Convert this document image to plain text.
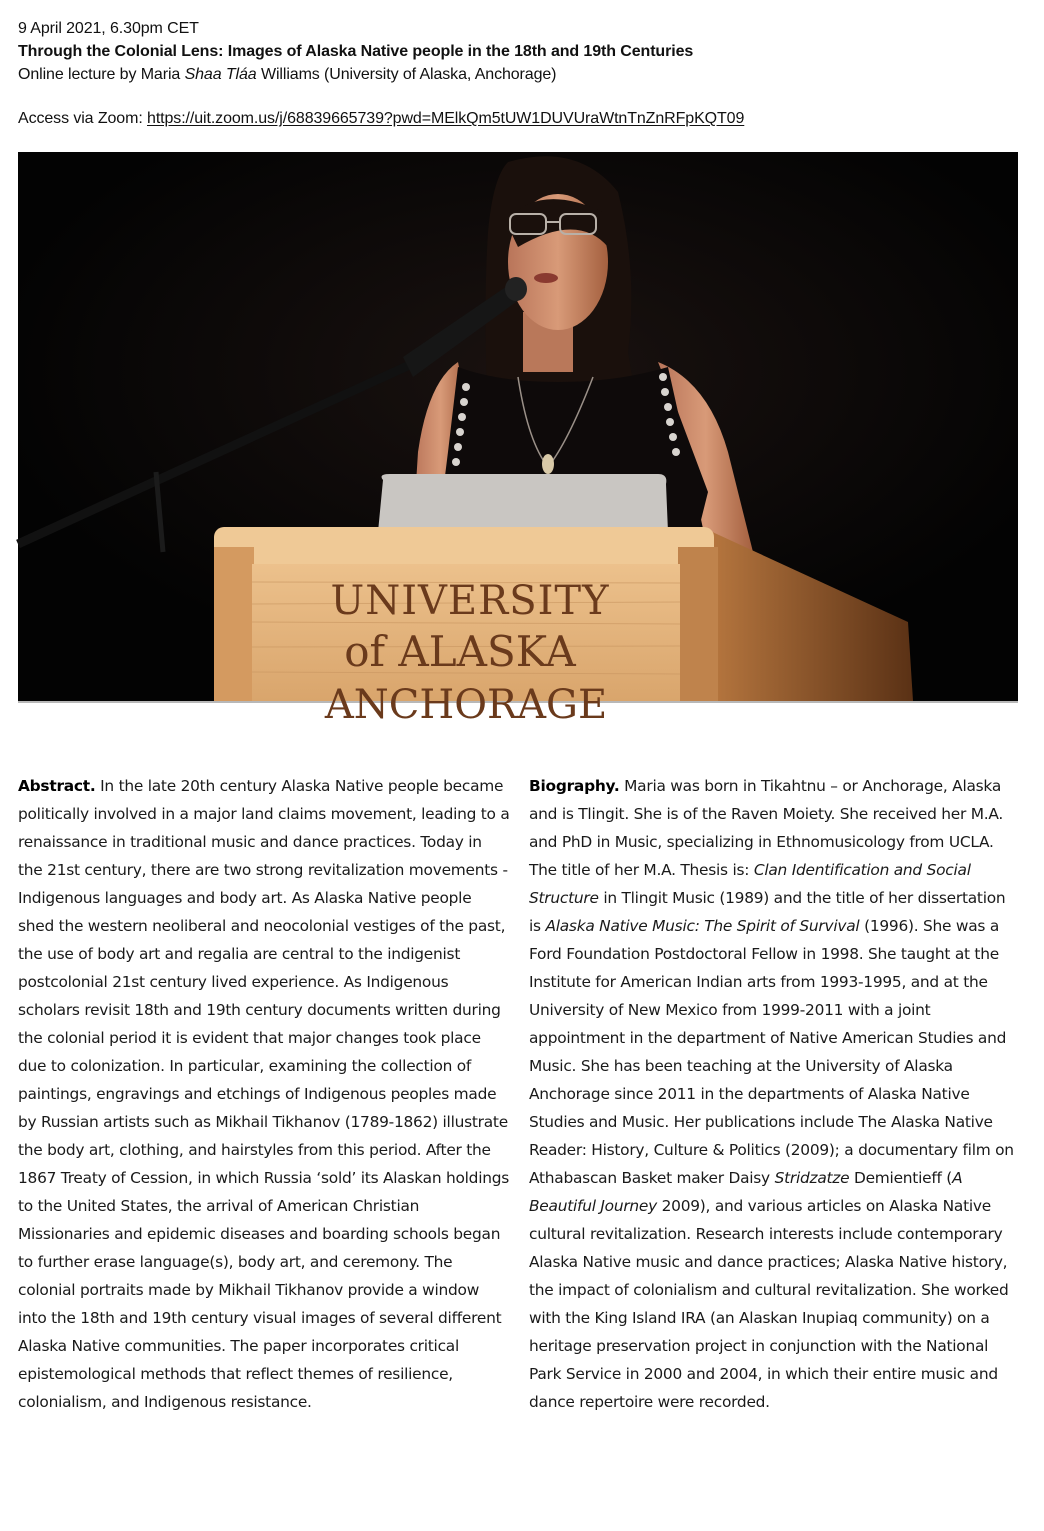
9 April 2021, 6.30pm CET
Through the Colonial Lens: Images of Alaska Native people in the 18th and 19th Centuries
Online lecture by Maria Shaa Tláa Williams (University of Alaska, Anchorage)
Access via Zoom: https://uit.zoom.us/j/68839665739?pwd=MElkQm5tUW1DUVUraWtnTnZnRFpKQT09
UNIVERSITY
of ALASKA
ANCHORAGE
Abstract. In the late 20th century Alaska Native people became politically involved in a major land claims movement, leading to a renaissance in traditional music and dance practices. Today in the 21st century, there are two strong revitalization movements - Indigenous languages and body art. As Alaska Native people shed the western neoliberal and neocolonial vestiges of the past, the use of body art and regalia are central to the indigenist postcolonial 21st century lived experience. As Indigenous scholars revisit 18th and 19th century documents written during the colonial period it is evident that major changes took place due to colonization. In particular, examining the collection of paintings, engravings and etchings of Indigenous peoples made by Russian artists such as Mikhail Tikhanov (1789-1862) illustrate the body art, clothing, and hairstyles from this period. After the 1867 Treaty of Cession, in which Russia ‘sold’ its Alaskan holdings to the United States, the arrival of American Christian Missionaries and epidemic diseases and boarding schools began to further erase language(s), body art, and ceremony. The colonial portraits made by Mikhail Tikhanov provide a window into the 18th and 19th century visual images of several different Alaska Native communities. The paper incorporates critical epistemological methods that reflect themes of resilience, colonialism, and Indigenous resistance.
Biography. Maria was born in Tikahtnu – or Anchorage, Alaska and is Tlingit. She is of the Raven Moiety. She received her M.A. and PhD in Music, specializing in Ethnomusicology from UCLA. The title of her M.A. Thesis is: Clan Identification and Social Structure in Tlingit Music (1989) and the title of her dissertation is Alaska Native Music: The Spirit of Survival (1996). She was a Ford Foundation Postdoctoral Fellow in 1998. She taught at the Institute for American Indian arts from 1993-1995, and at the University of New Mexico from 1999-2011 with a joint appointment in the department of Native American Studies and Music. She has been teaching at the University of Alaska Anchorage since 2011 in the departments of Alaska Native Studies and Music. Her publications include The Alaska Native Reader: History, Culture & Politics (2009); a documentary film on Athabascan Basket maker Daisy Stridzatze Demientieff (A Beautiful Journey 2009), and various articles on Alaska Native cultural revitalization. Research interests include contemporary Alaska Native music and dance practices; Alaska Native history, the impact of colonialism and cultural revitalization. She worked with the King Island IRA (an Alaskan Inupiaq community) on a heritage preservation project in conjunction with the National Park Service in 2000 and 2004, in which their entire music and dance repertoire were recorded.
